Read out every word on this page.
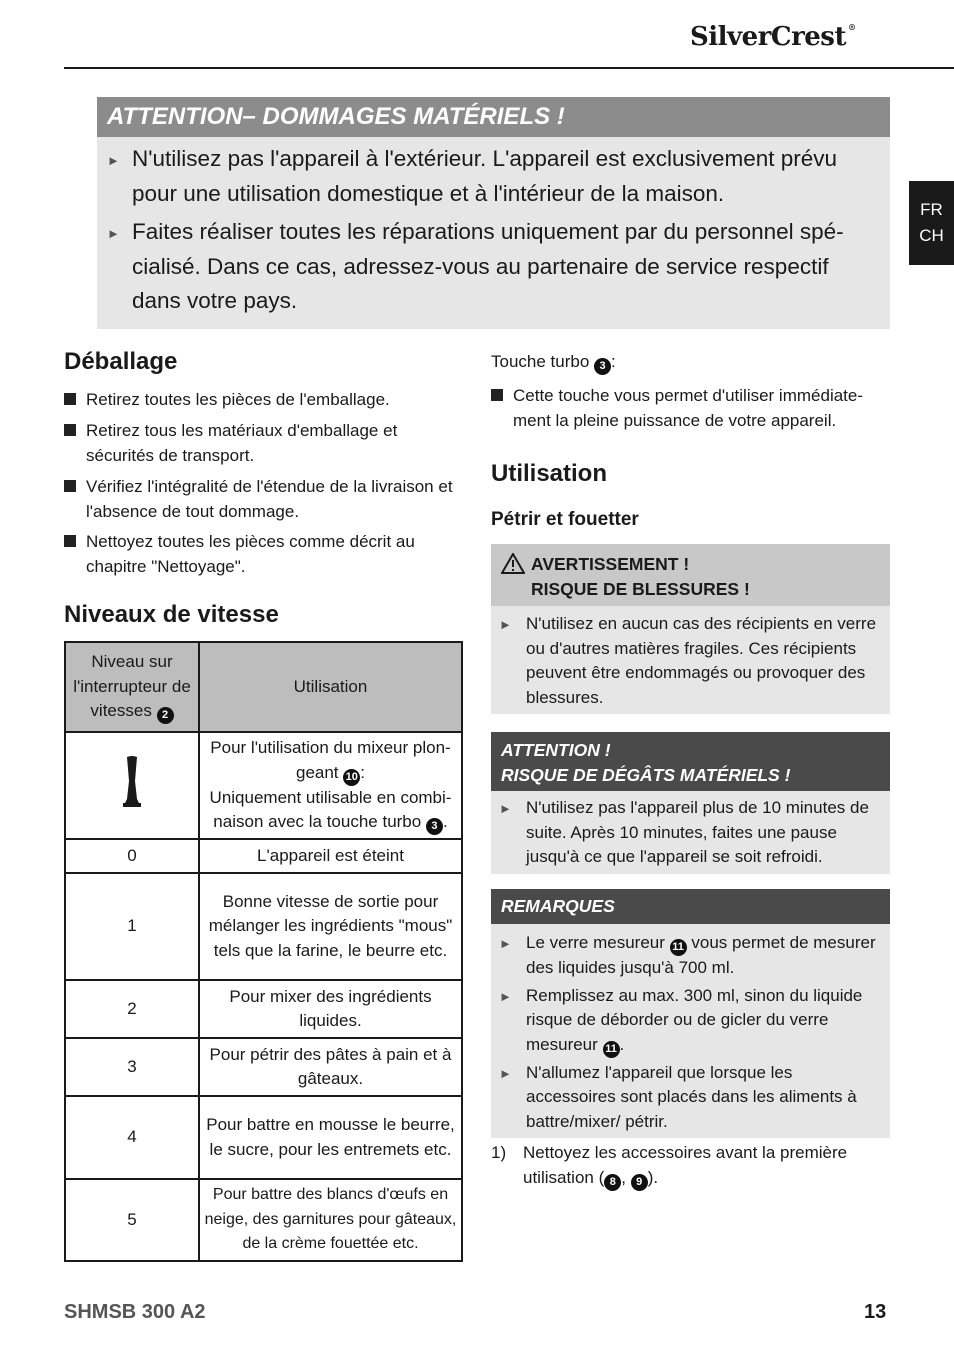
SilverCrest ®
FR
CH
ATTENTION– DOMMAGES MATÉRIELS !
► N'utilisez pas l'appareil à l'extérieur. L'appareil est exclusivement prévu pour une utilisation domestique et à l'intérieur de la maison.
► Faites réaliser toutes les réparations uniquement par du personnel spé-cialisé. Dans ce cas, adressez-vous au partenaire de service respectif dans votre pays.
Déballage
Retirez toutes les pièces de l'emballage.
Retirez tous les matériaux d'emballage et sécurités de transport.
Vérifiez l'intégralité de l'étendue de la livraison et l'absence de tout dommage.
Nettoyez toutes les pièces comme décrit au chapitre "Nettoyage".
Niveaux de vitesse
Niveau sur l'interrupteur de vitesses 2	Utilisation
	Pour l'utilisation du mixeur plon-geant 10 :
Uniquement utilisable en combi-naison avec la touche turbo 3 .
0	L'appareil est éteint
1	Bonne vitesse de sortie pour mélanger les ingrédients "mous" tels que la farine, le beurre etc.
2	Pour mixer des ingrédients liquides.
3	Pour pétrir des pâtes à pain et à gâteaux.
4	Pour battre en mousse le beurre, le sucre, pour les entremets etc.
5	Pour battre des blancs d'œufs en neige, des garnitures pour gâteaux, de la crème fouettée etc.
Touche turbo 3 :
Cette touche vous permet d'utiliser immédiate-ment la pleine puissance de votre appareil.
Utilisation
Pétrir et fouetter
AVERTISSEMENT !
RISQUE DE BLESSURES !
► N'utilisez en aucun cas des récipients en verre ou d'autres matières fragiles. Ces récipients peuvent être endommagés ou provoquer des blessures.
ATTENTION !
RISQUE DE DÉGÂTS MATÉRIELS !
► N'utilisez pas l'appareil plus de 10 minutes de suite. Après 10 minutes, faites une pause jusqu'à ce que l'appareil se soit refroidi.
REMARQUES
► Le verre mesureur 11 vous permet de mesurer des liquides jusqu'à 700 ml.
► Remplissez au max. 300 ml, sinon du liquide risque de déborder ou de gicler du verre mesureur 11 .
► N'allumez l'appareil que lorsque les accessoires sont placés dans les aliments à battre/mixer/ pétrir.
1) Nettoyez les accessoires avant la première utilisation ( 8 , 9 ).
SHMSB 300 A2	13
